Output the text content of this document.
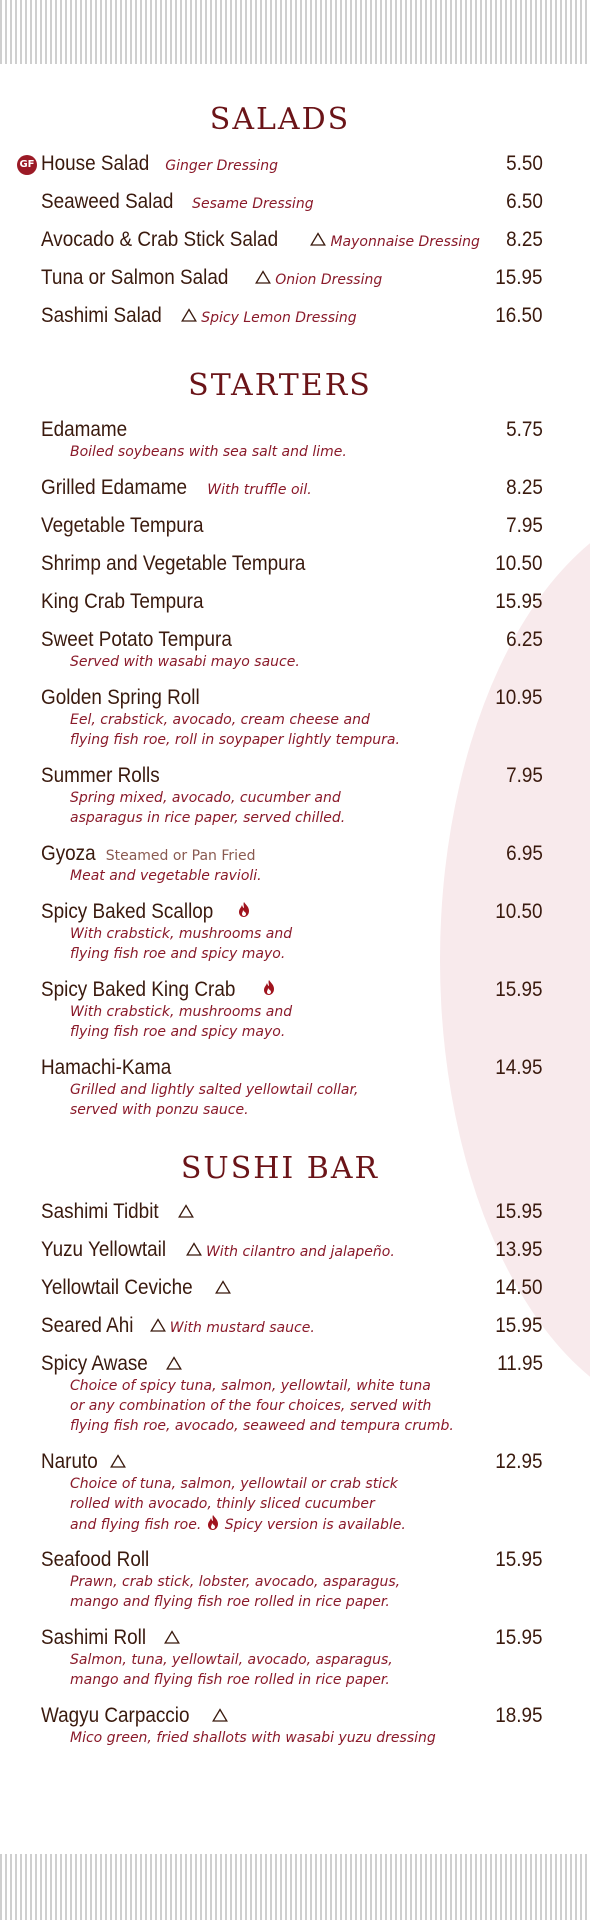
SALADS
GF House Salad	Ginger Dressing	5.50
Seaweed Salad	Sesame Dressing	6.50
Avocado & Crab Stick Salad	Mayonnaise Dressing 8.25
Tuna or Salmon Salad	Onion Dressing	15.95
Sashimi Salad	Spicy Lemon Dressing	16.50
STARTERS
Edamame	5.75
Boiled soybeans with sea salt and lime.
Grilled Edamame	With truffle oil.	8.25
Vegetable Tempura	7.95
Shrimp and Vegetable Tempura	10.50
King Crab Tempura	15.95
Sweet Potato Tempura	6.25
Served with wasabi mayo sauce.
Golden Spring Roll	10.95
Eel, crabstick, avocado, cream cheese and
flying fish roe, roll in soypaper lightly tempura.
Summer Rolls	7.95
Spring mixed, avocado, cucumber and
asparagus in rice paper, served chilled.
Gyoza Steamed or Pan Fried	6.95
Meat and vegetable ravioli.
Spicy Baked Scallop	10.50
With crabstick, mushrooms and
flying fish roe and spicy mayo.
Spicy Baked King Crab	15.95
With crabstick, mushrooms and
flying fish roe and spicy mayo.
Hamachi-Kama	14.95
Grilled and lightly salted yellowtail collar,
served with ponzu sauce.
SUSHI BAR
Sashimi Tidbit	15.95
Yuzu Yellowtail	With cilantro and jalapeño.	13.95
Yellowtail Ceviche	14.50
Seared Ahi	With mustard sauce.	15.95
Spicy Awase	11.95
Choice of spicy tuna, salmon, yellowtail, white tuna
or any combination of the four choices, served with
flying fish roe, avocado, seaweed and tempura crumb.
Naruto	12.95
Choice of tuna, salmon, yellowtail or crab stick
rolled with avocado, thinly sliced cucumber
and flying fish roe. Spicy version is available.
Seafood Roll	15.95
Prawn, crab stick, lobster, avocado, asparagus,
mango and flying fish roe rolled in rice paper.
Sashimi Roll	15.95
Salmon, tuna, yellowtail, avocado, asparagus,
mango and flying fish roe rolled in rice paper.
Wagyu Carpaccio	18.95
Mico green, fried shallots with wasabi yuzu dressing
